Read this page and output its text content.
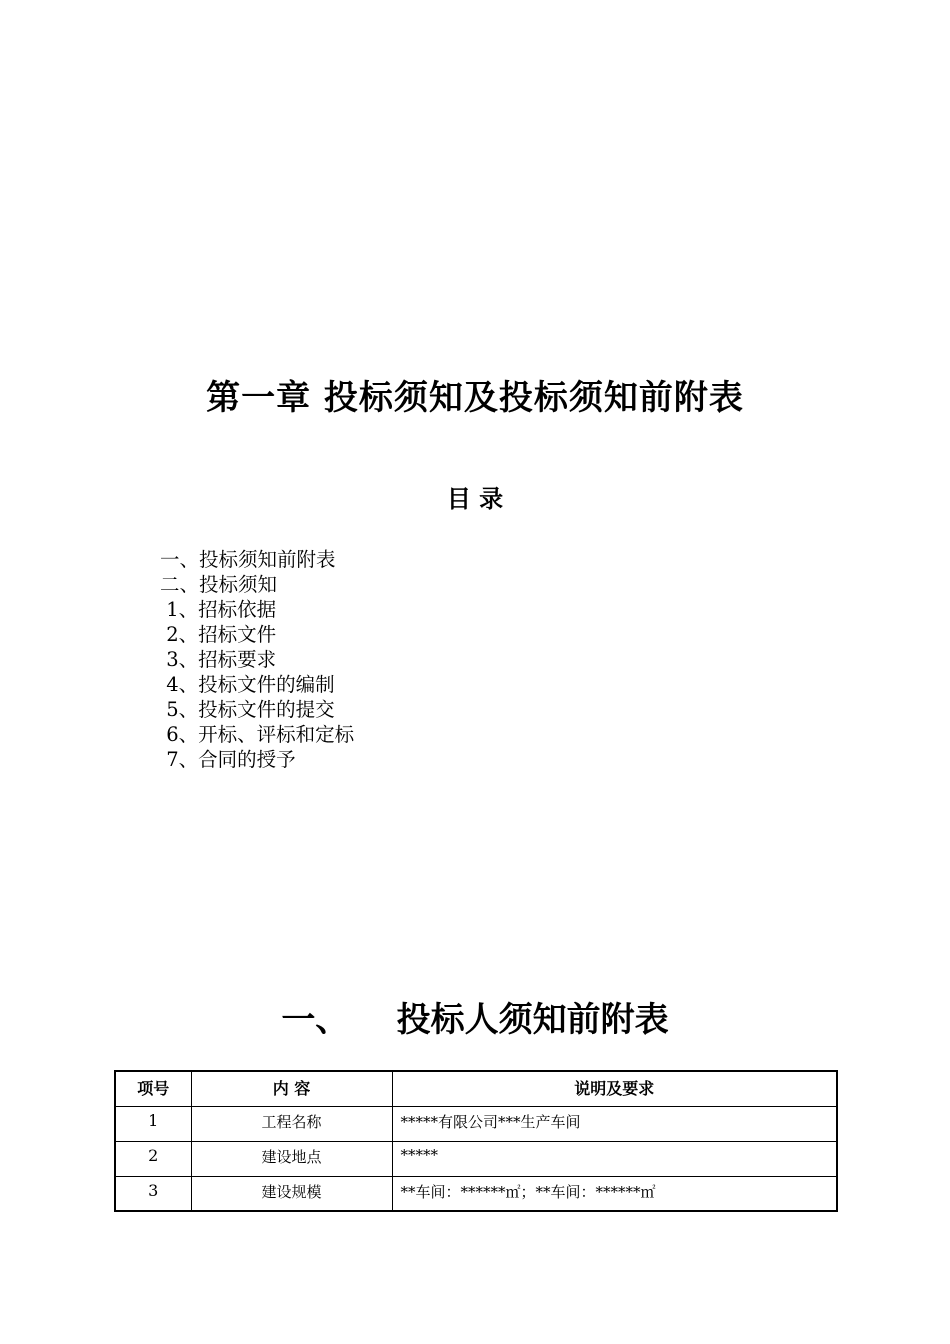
第一章 投标须知及投标须知前附表
目 录
一、投标须知前附表
二、投标须知
1、招标依据
2、招标文件
3、招标要求
4、投标文件的编制
5、投标文件的提交
6、开标、评标和定标
7、合同的授予
一、    投标人须知前附表
项号	内 容	说明及要求
1	工程名称	*****有限公司***生产车间
2	建设地点	*****
3	建设规模	**车间：******㎡；**车间：******㎡
